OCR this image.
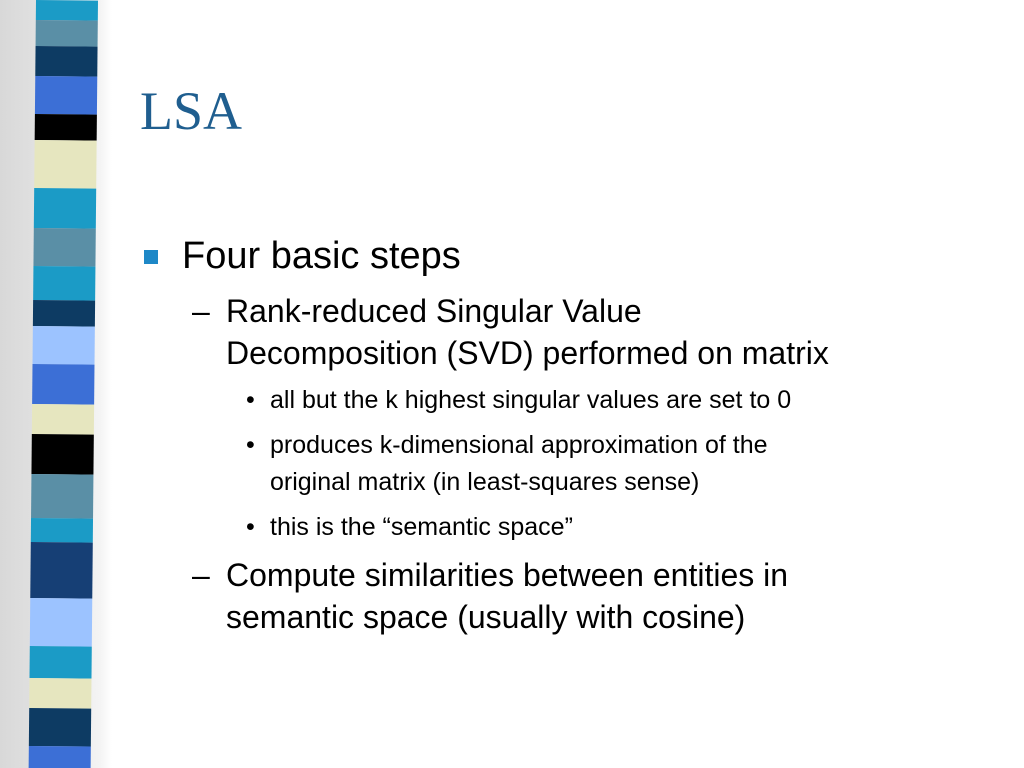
LSA
Four basic steps
– Rank-reduced Singular Value
Decomposition (SVD) performed on matrix
• all but the k highest singular values are set to 0
• produces k-dimensional approximation of the
original matrix (in least-squares sense)
• this is the “semantic space”
– Compute similarities between entities in
semantic space (usually with cosine)
